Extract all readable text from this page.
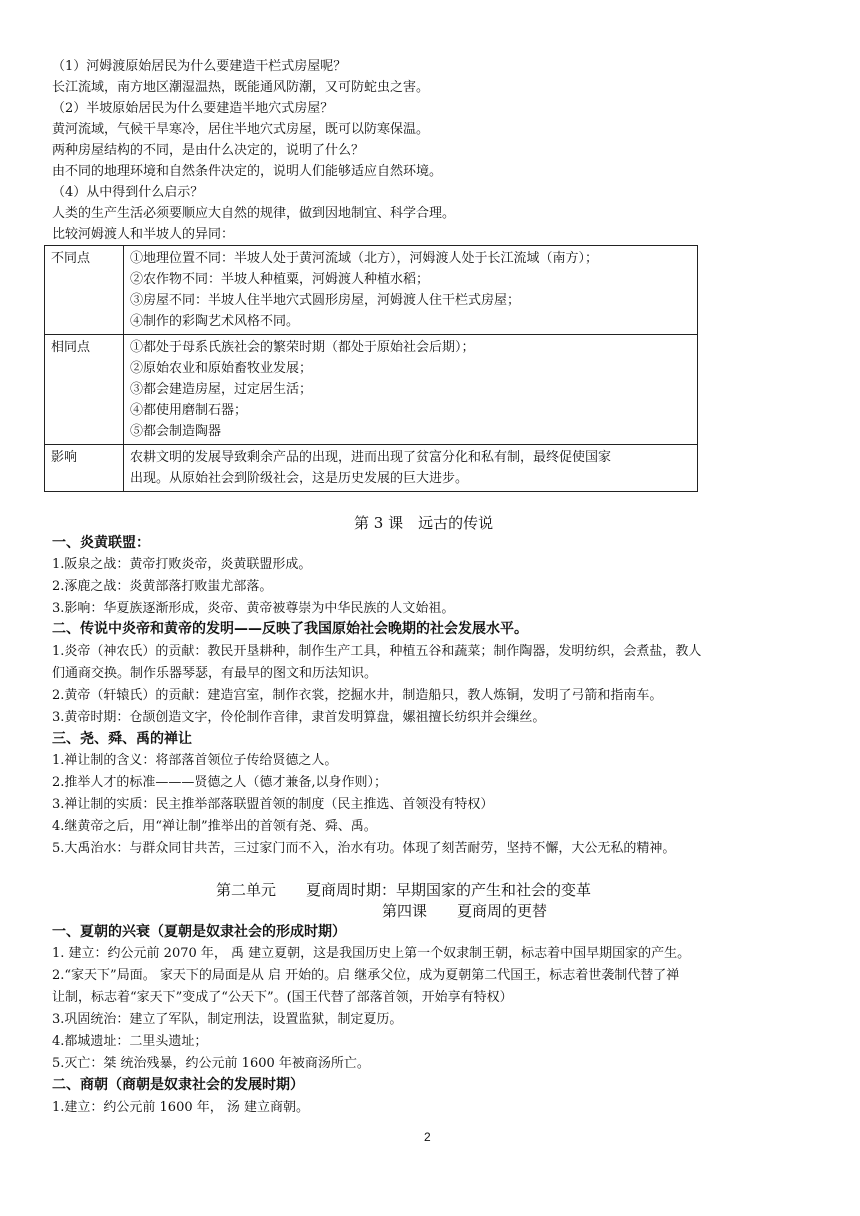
（1）河姆渡原始居民为什么要建造干栏式房屋呢？
长江流域，南方地区潮湿温热，既能通风防潮，又可防蛇虫之害。
（2）半坡原始居民为什么要建造半地穴式房屋？
黄河流域，气候干旱寒冷，居住半地穴式房屋，既可以防寒保温。
两种房屋结构的不同，是由什么决定的，说明了什么？
由不同的地理环境和自然条件决定的，说明人们能够适应自然环境。
（4）从中得到什么启示？
人类的生产生活必须要顺应大自然的规律，做到因地制宜、科学合理。
比较河姆渡人和半坡人的异同：
不同点	①地理位置不同：半坡人处于黄河流域（北方），河姆渡人处于长江流域（南方）；
②农作物不同：半坡人种植粟，河姆渡人种植水稻；
③房屋不同：半坡人住半地穴式圆形房屋，河姆渡人住干栏式房屋；
④制作的彩陶艺术风格不同。

相同点	①都处于母系氏族社会的繁荣时期（都处于原始社会后期）；
②原始农业和原始畜牧业发展；
③都会建造房屋，过定居生活；
④都使用磨制石器；
⑤都会制造陶器

影响	农耕文明的发展导致剩余产品的出现，进而出现了贫富分化和私有制，最终促使国家
出现。从原始社会到阶级社会，这是历史发展的巨大进步。
第 3 课　远古的传说
一、炎黄联盟：
1.阪泉之战：黄帝打败炎帝，炎黄联盟形成。
2.涿鹿之战：炎黄部落打败蚩尤部落。
3.影响：华夏族逐渐形成，炎帝、黄帝被尊崇为中华民族的人文始祖。
二、传说中炎帝和黄帝的发明——反映了我国原始社会晚期的社会发展水平。
1.炎帝（神农氏）的贡献：教民开垦耕种，制作生产工具，种植五谷和蔬菜；制作陶器，发明纺织，会煮盐，教人
们通商交换。制作乐器琴瑟，有最早的图文和历法知识。
2.黄帝（轩辕氏）的贡献：建造宫室，制作衣裳，挖掘水井，制造船只，教人炼铜，发明了弓箭和指南车。
3.黄帝时期：仓颉创造文字，伶伦制作音律，隶首发明算盘，嫘祖擅长纺织并会缫丝。
三、尧、舜、禹的禅让
1.禅让制的含义：将部落首领位子传给贤德之人。
2.推举人才的标准———贤德之人（德才兼备,以身作则）；
3.禅让制的实质：民主推举部落联盟首领的制度（民主推选、首领没有特权）
4.继黄帝之后，用“禅让制”推举出的首领有尧、舜、禹。
5.大禹治水：与群众同甘共苦，三过家门而不入，治水有功。体现了刻苦耐劳，坚持不懈，大公无私的精神。
第二单元　　夏商周时期：早期国家的产生和社会的变革
第四课　　夏商周的更替
一、夏朝的兴衰（夏朝是奴隶社会的形成时期）
1. 建立：约公元前 2070 年， 禹 建立夏朝，这是我国历史上第一个奴隶制王朝，标志着中国早期国家的产生。
2.“家天下”局面。 家天下的局面是从 启 开始的。启 继承父位，成为夏朝第二代国王，标志着世袭制代替了禅
让制，标志着“家天下”变成了“公天下”。(国王代替了部落首领，开始享有特权）
3.巩固统治：建立了军队，制定刑法，设置监狱，制定夏历。
4.都城遗址：二里头遗址；
5.灭亡：桀 统治残暴，约公元前 1600 年被商汤所亡。
二、商朝（商朝是奴隶社会的发展时期）
1.建立：约公元前 1600 年， 汤 建立商朝。
2
